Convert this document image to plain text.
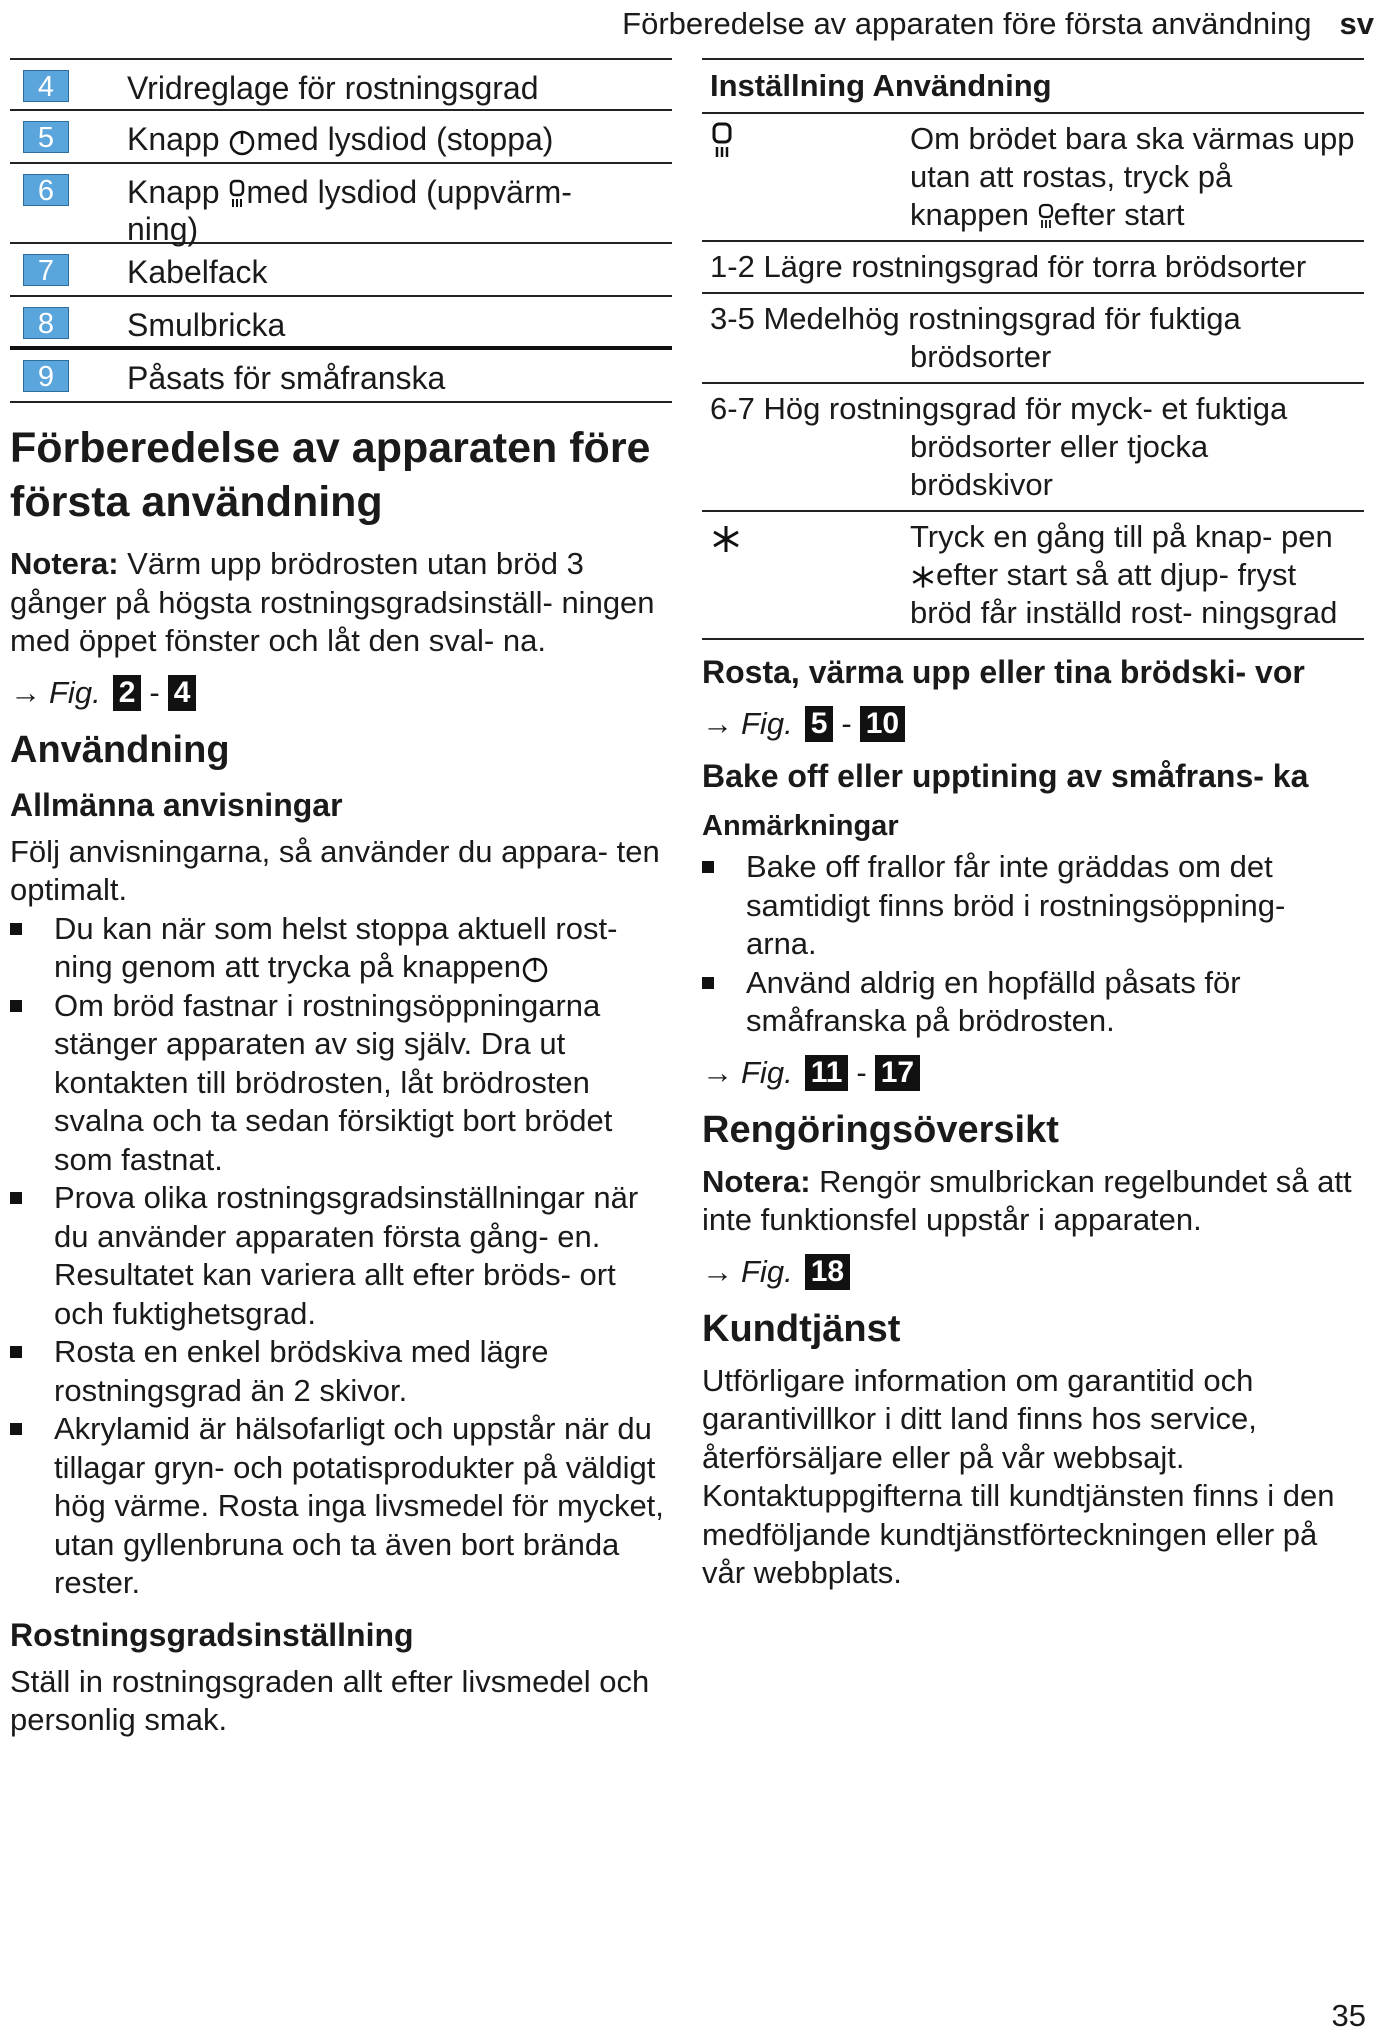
Förberedelse av apparaten före första användning sv
4	Vridreglage för rostningsgrad
5	Knapp med lysdiod (stoppa)
6	Knapp med lysdiod (uppvärm-
ning)
7	Kabelfack
8	Smulbricka
9	Påsats för småfranska
Förberedelse av apparaten före första användning

Notera: Värm upp brödrosten utan bröd 3 gånger på högsta rostningsgradsinställ- ningen med öppet fönster och låt den sval- na.

→ Fig. 2 - 4
Användning
Allmänna anvisningar

Följ anvisningarna, så använder du appara- ten optimalt.

Du kan när som helst stoppa aktuell rost- ning genom att trycka på knappen
Om bröd fastnar i rostningsöppningarna stänger apparaten av sig själv. Dra ut kontakten till brödrosten, låt brödrosten svalna och ta sedan försiktigt bort brödet som fastnat.
Prova olika rostningsgradsinställningar när du använder apparaten första gång- en. Resultatet kan variera allt efter bröds- ort och fuktighetsgrad.
Rosta en enkel brödskiva med lägre rostningsgrad än 2 skivor.
Akrylamid är hälsofarligt och uppstår när du tillagar gryn- och potatisprodukter på väldigt hög värme. Rosta inga livsmedel för mycket, utan gyllenbruna och ta även bort brända rester.
Rostningsgradsinställning

Ställ in rostningsgraden allt efter livsmedel och personlig smak.

Inställning Användning
Om brödet bara ska värmas upp utan att rostas, tryck på knappen efter start
1-2 Lägre rostningsgrad för torra brödsorter
3-5 Medelhög rostningsgrad för fuktiga brödsorter
6-7 Hög rostningsgrad för myck- et fuktiga brödsorter eller tjocka brödskivor
Tryck en gång till på knap- pen efter start så att djup- fryst bröd får inställd rost- ningsgrad
Rosta, värma upp eller tina brödski- vor
→ Fig. 5 - 10
Bake off eller upptining av småfrans- ka
Anmärkningar
Bake off frallor får inte gräddas om det samtidigt finns bröd i rostningsöppning- arna.
Använd aldrig en hopfälld påsats för småfranska på brödrosten.
→ Fig. 11 - 17
Rengöringsöversikt

Notera: Rengör smulbrickan regelbundet så att inte funktionsfel uppstår i apparaten.

→ Fig. 18
Kundtjänst

Utförligare information om garantitid och garantivillkor i ditt land finns hos service, återförsäljare eller på vår webbsajt. Kontaktuppgifterna till kundtjänsten finns i den medföljande kundtjänstförteckningen eller på vår webbplats.

35
